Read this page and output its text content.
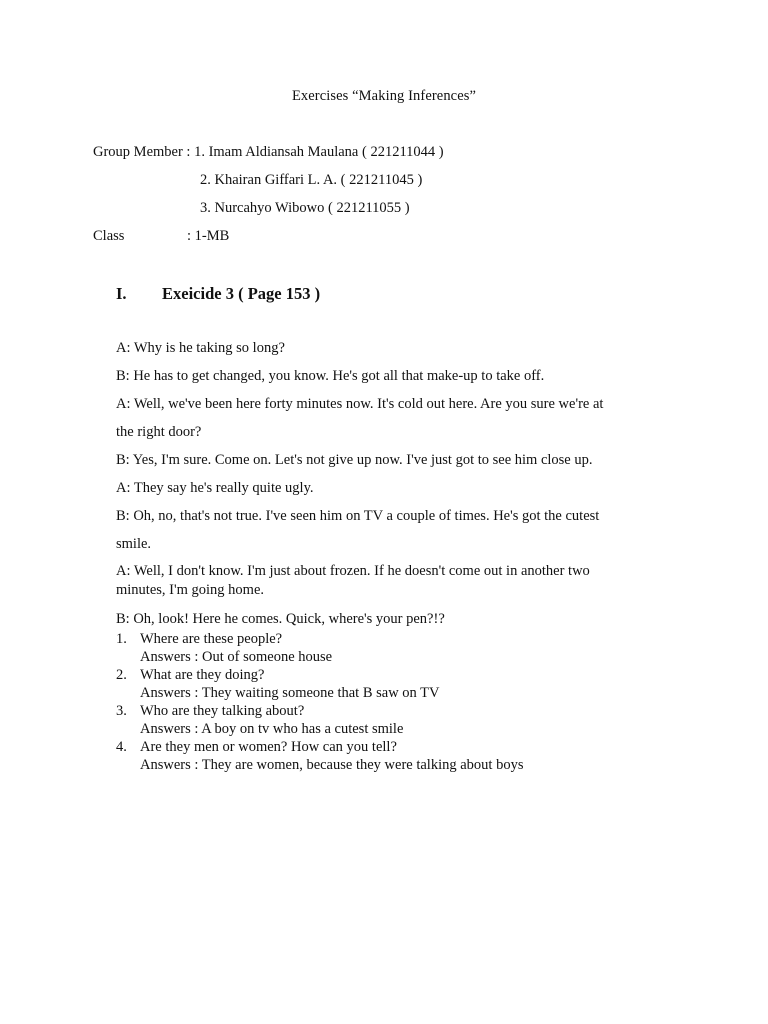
Exercises “Making Inferences”
Group Member : 1. Imam Aldiansah Maulana ( 221211044 )
2. Khairan Giffari L. A. ( 221211045 )
3. Nurcahyo Wibowo ( 221211055 )
Class	: 1-MB
I. Exeicide 3 ( Page 153 )

A: Why is he taking so long?

B: He has to get changed, you know. He's got all that make-up to take off.

A: Well, we've been here forty minutes now. It's cold out here. Are you sure we're at

the right door?

B: Yes, I'm sure. Come on. Let's not give up now. I've just got to see him close up.

A: They say he's really quite ugly.

B: Oh, no, that's not true. I've seen him on TV a couple of times. He's got the cutest

smile.

A: Well, I don't know. I'm just about frozen. If he doesn't come out in another two
minutes, I'm going home.

B: Oh, look! Here he comes. Quick, where's your pen?!?

1. Where are these people?
Answers : Out of someone house
2. What are they doing?
Answers : They waiting someone that B saw on TV
3. Who are they talking about?
Answers : A boy on tv who has a cutest smile
4. Are they men or women? How can you tell?
Answers : They are women, because they were talking about boys
